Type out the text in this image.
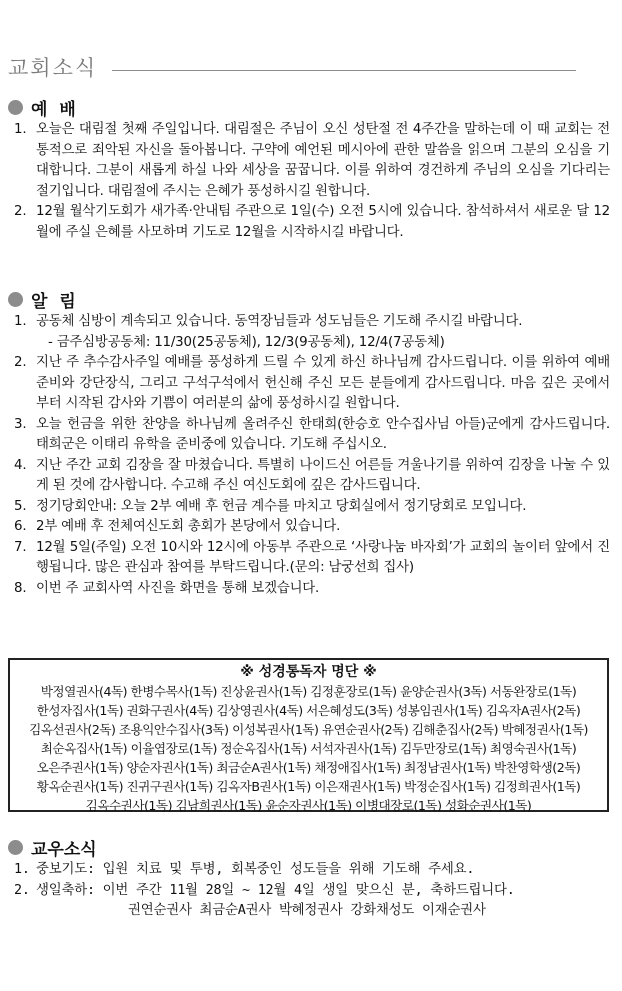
교회소식
예 배
1. 오늘은 대림절 첫째 주일입니다. 대림절은 주님이 오신 성탄절 전 4주간을 말하는데 이 때 교회는 전통적으로 죄악된 자신을 돌아봅니다. 구약에 예언된 메시아에 관한 말씀을 읽으며 그분의 오심을 기대합니다. 그분이 새롭게 하실 나와 세상을 꿈꿉니다. 이를 위하여 경건하게 주님의 오심을 기다리는 절기입니다. 대림절에 주시는 은혜가 풍성하시길 원합니다.
2. 12월 월삭기도회가 새가족·안내팀 주관으로 1일(수) 오전 5시에 있습니다. 참석하셔서 새로운 달 12월에 주실 은혜를 사모하며 기도로 12월을 시작하시길 바랍니다.
알 림
1. 공동체 심방이 계속되고 있습니다. 동역장님들과 성도님들은 기도해 주시길 바랍니다.
- 금주심방공동체: 11/30(25공동체), 12/3(9공동체), 12/4(7공동체)
2. 지난 주 추수감사주일 예배를 풍성하게 드릴 수 있게 하신 하나님께 감사드립니다. 이를 위하여 예배준비와 강단장식, 그리고 구석구석에서 헌신해 주신 모든 분들에게 감사드립니다. 마음 깊은 곳에서부터 시작된 감사와 기쁨이 여러분의 삶에 풍성하시길 원합니다.
3. 오늘 헌금을 위한 찬양을 하나님께 올려주신 한태희(한승호 안수집사님 아들)군에게 감사드립니다. 태희군은 이태리 유학을 준비중에 있습니다. 기도해 주십시오.
4. 지난 주간 교회 김장을 잘 마쳤습니다. 특별히 나이드신 어른들 겨울나기를 위하여 김장을 나눌 수 있게 된 것에 감사합니다. 수고해 주신 여신도회에 깊은 감사드립니다.
5. 정기당회안내: 오늘 2부 예배 후 헌금 계수를 마치고 당회실에서 정기당회로 모입니다.
6. 2부 예배 후 전체여신도회 총회가 본당에서 있습니다.
7. 12월 5일(주일) 오전 10시와 12시에 아동부 주관으로 ‘사랑나눔 바자회’가 교회의 놀이터 앞에서 진행됩니다. 많은 관심과 참여를 부탁드립니다.(문의: 남궁선희 집사)
8. 이번 주 교회사역 사진을 화면을 통해 보겠습니다.
※ 성경통독자 명단 ※
박정열권사(4독) 한병수목사(1독) 진상윤권사(1독) 김정훈장로(1독) 윤양순권사(3독) 서동완장로(1독)
한성자집사(1독) 권화구권사(4독) 김상영권사(4독) 서은혜성도(3독) 성봉임권사(1독) 김옥자A권사(2독)
김옥선권사(2독) 조용익안수집사(3독) 이성복권사(1독) 유연순권사(2독) 김해춘집사(2독) 박혜정권사(1독)
최순옥집사(1독) 이율엽장로(1독) 정순옥집사(1독) 서석자권사(1독) 김두만장로(1독) 최영숙권사(1독)
오은주권사(1독) 양순자권사(1독) 최금순A권사(1독) 채정애집사(1독) 최정남권사(1독) 박찬영학생(2독)
황옥순권사(1독) 진귀구권사(1독) 김옥자B권사(1독) 이은재권사(1독) 박정순집사(1독) 김정희권사(1독)
김옥수권사(1독) 김남희권사(1독) 윤순자권사(1독) 이병대장로(1독) 성화순권사(1독)
교우소식
1. 중보기도: 입원 치료 및 투병, 회복중인 성도들을 위해 기도해 주세요.
2. 생일축하: 이번 주간 11월 28일 ~ 12월 4일 생일 맞으신 분, 축하드립니다.
권연순권사 최금순A권사 박혜정권사 강화채성도 이재순권사
